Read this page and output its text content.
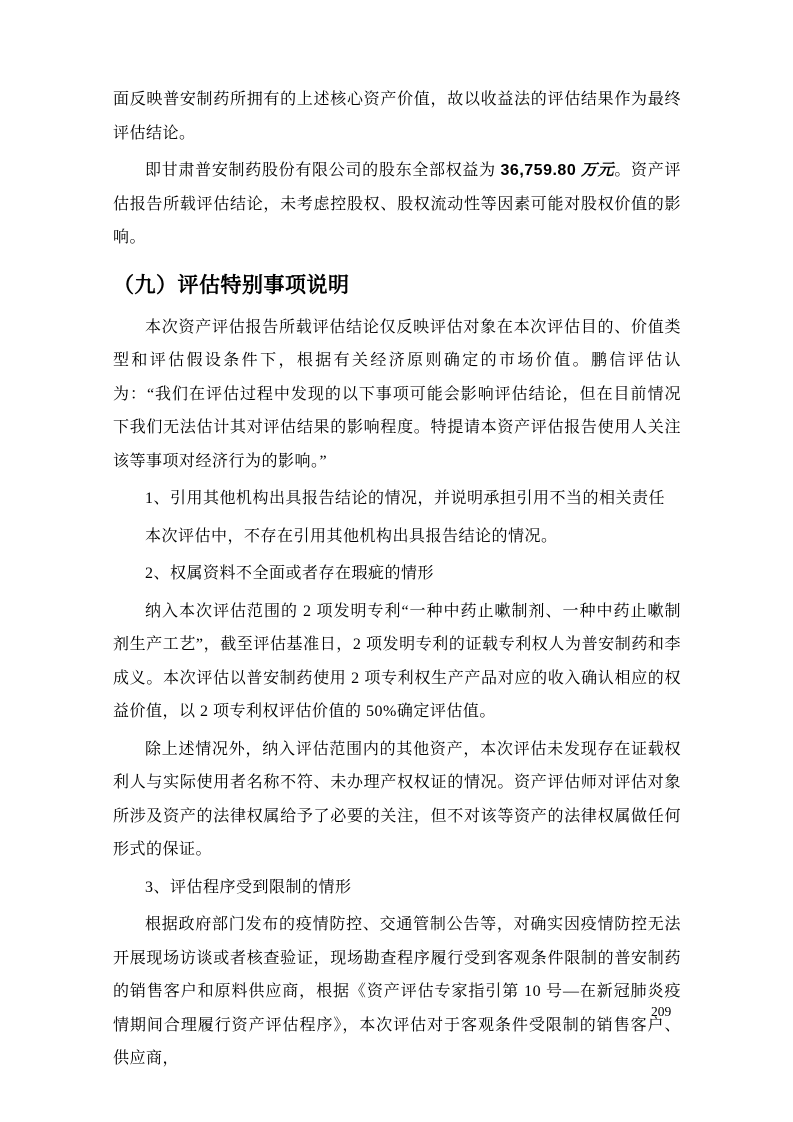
面反映普安制药所拥有的上述核心资产价值，故以收益法的评估结果作为最终评估结论。

即甘肃普安制药股份有限公司的股东全部权益为 36,759.80 万元。资产评估报告所载评估结论，未考虑控股权、股权流动性等因素可能对股权价值的影响。

（九）评估特别事项说明

本次资产评估报告所载评估结论仅反映评估对象在本次评估目的、价值类型和评估假设条件下，根据有关经济原则确定的市场价值。鹏信评估认为：“我们在评估过程中发现的以下事项可能会影响评估结论，但在目前情况下我们无法估计其对评估结果的影响程度。特提请本资产评估报告使用人关注该等事项对经济行为的影响。”

1、引用其他机构出具报告结论的情况，并说明承担引用不当的相关责任

本次评估中，不存在引用其他机构出具报告结论的情况。

2、权属资料不全面或者存在瑕疵的情形

纳入本次评估范围的 2 项发明专利“一种中药止嗽制剂、一种中药止嗽制剂生产工艺”，截至评估基准日，2 项发明专利的证载专利权人为普安制药和李成义。本次评估以普安制药使用 2 项专利权生产产品对应的收入确认相应的权益价值，以 2 项专利权评估价值的 50%确定评估值。

除上述情况外，纳入评估范围内的其他资产，本次评估未发现存在证载权利人与实际使用者名称不符、未办理产权权证的情况。资产评估师对评估对象所涉及资产的法律权属给予了必要的关注，但不对该等资产的法律权属做任何形式的保证。

3、评估程序受到限制的情形

根据政府部门发布的疫情防控、交通管制公告等，对确实因疫情防控无法开展现场访谈或者核查验证，现场勘查程序履行受到客观条件限制的普安制药的销售客户和原料供应商，根据《资产评估专家指引第 10 号—在新冠肺炎疫情期间合理履行资产评估程序》，本次评估对于客观条件受限制的销售客户、供应商，

209
